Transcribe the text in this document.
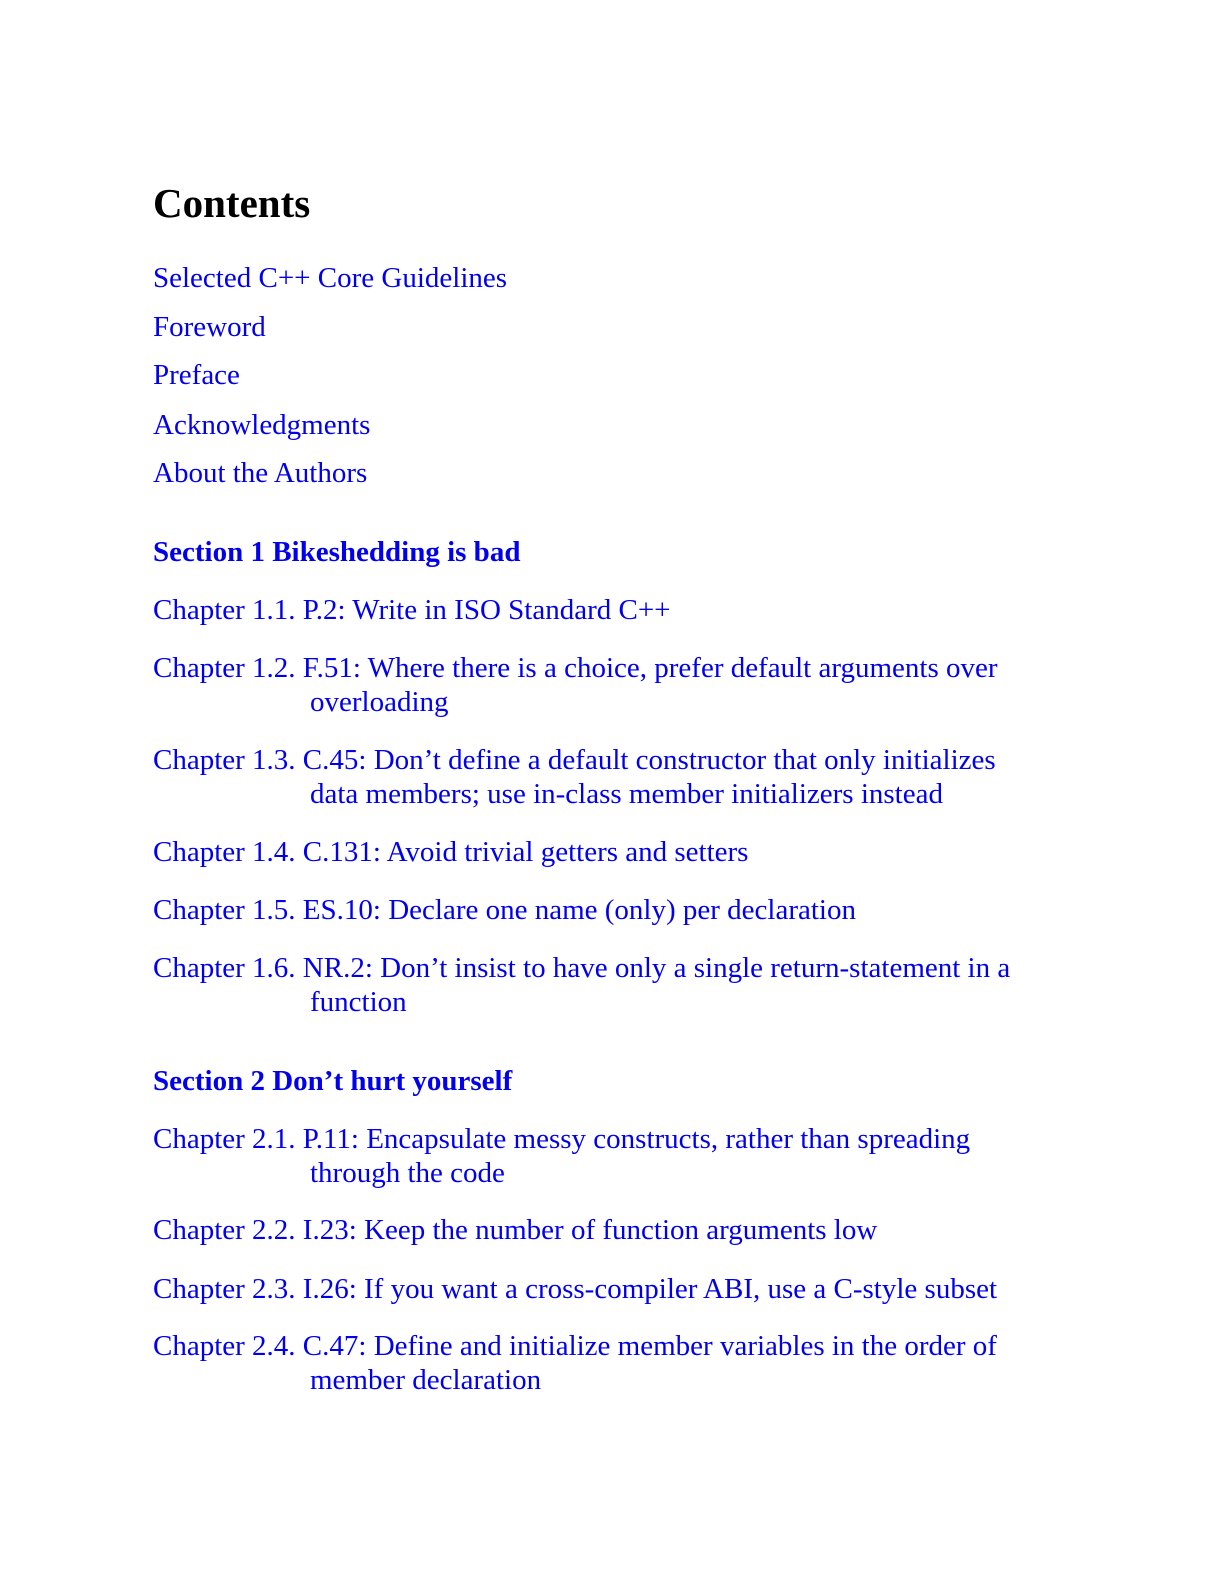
Contents
Selected C++ Core Guidelines
Foreword
Preface
Acknowledgments
About the Authors
Section 1 Bikeshedding is bad
Chapter 1.1. P.2: Write in ISO Standard C++
Chapter 1.2. F.51: Where there is a choice, prefer default arguments over overloading
Chapter 1.3. C.45: Don’t define a default constructor that only initializes data members; use in-class member initializers instead
Chapter 1.4. C.131: Avoid trivial getters and setters
Chapter 1.5. ES.10: Declare one name (only) per declaration
Chapter 1.6. NR.2: Don’t insist to have only a single return-statement in a function
Section 2 Don’t hurt yourself
Chapter 2.1. P.11: Encapsulate messy constructs, rather than spreading through the code
Chapter 2.2. I.23: Keep the number of function arguments low
Chapter 2.3. I.26: If you want a cross-compiler ABI, use a C-style subset
Chapter 2.4. C.47: Define and initialize member variables in the order of member declaration
